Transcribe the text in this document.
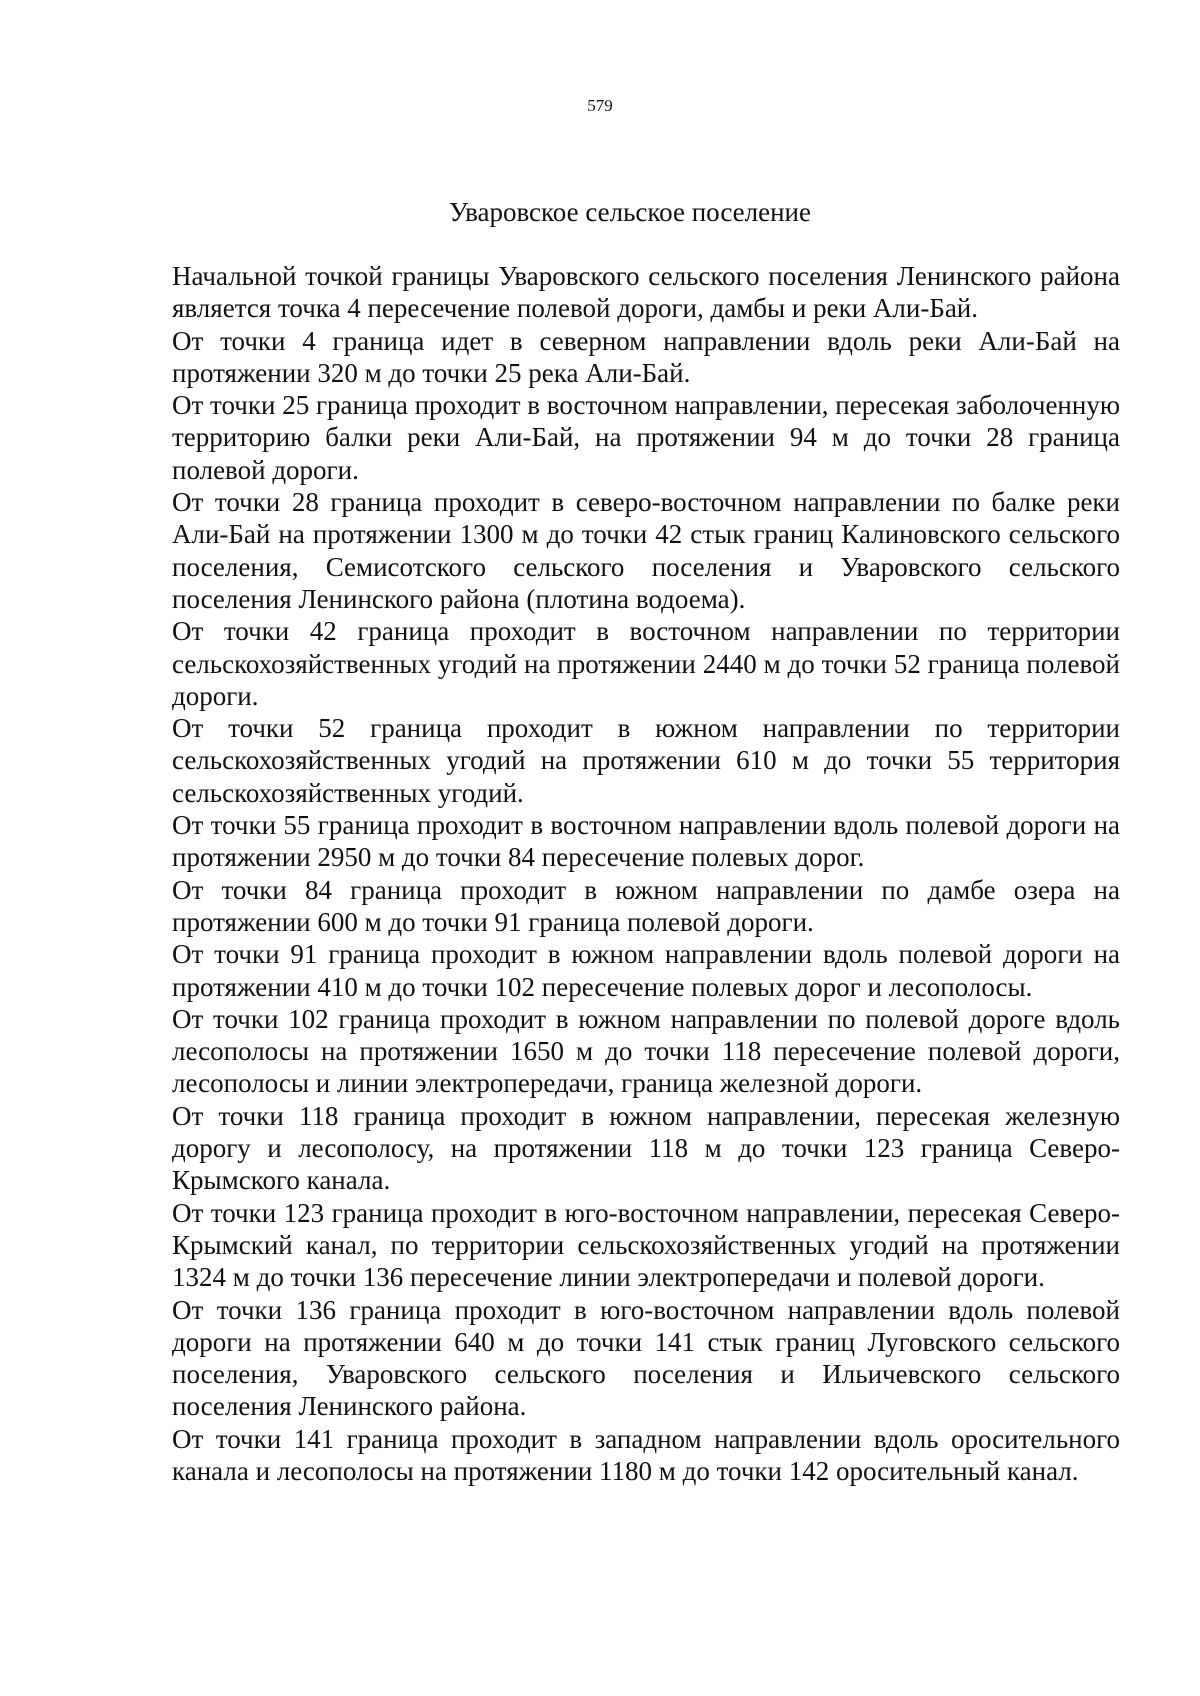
579
Уваровское сельское поселение

Начальной точкой границы Уваровского сельского поселения Ленинского района является точка 4 пересечение полевой дороги, дамбы и реки Али-Бай.

От точки 4 граница идет в северном направлении вдоль реки Али-Бай на протяжении 320 м до точки 25 река Али-Бай.

От точки 25 граница проходит в восточном направлении, пересекая заболоченную территорию балки реки Али-Бай, на протяжении 94 м до точки 28 граница полевой дороги.

От точки 28 граница проходит в северо-восточном направлении по балке реки Али-Бай на протяжении 1300 м до точки 42 стык границ Калиновского сельского поселения, Семисотского сельского поселения и Уваровского сельского поселения Ленинского района (плотина водоема).

От точки 42 граница проходит в восточном направлении по территории сельскохозяйственных угодий на протяжении 2440 м до точки 52 граница полевой дороги.

От точки 52 граница проходит в южном направлении по территории сельскохозяйственных угодий на протяжении 610 м до точки 55 территория сельскохозяйственных угодий.

От точки 55 граница проходит в восточном направлении вдоль полевой дороги на протяжении 2950 м до точки 84 пересечение полевых дорог.

От точки 84 граница проходит в южном направлении по дамбе озера на протяжении 600 м до точки 91 граница полевой дороги.

От точки 91 граница проходит в южном направлении вдоль полевой дороги на протяжении 410 м до точки 102 пересечение полевых дорог и лесополосы.

От точки 102 граница проходит в южном направлении по полевой дороге вдоль лесополосы на протяжении 1650 м до точки 118 пересечение полевой дороги, лесополосы и линии электропередачи, граница железной дороги.

От точки 118 граница проходит в южном направлении, пересекая железную дорогу и лесополосу, на протяжении 118 м до точки 123 граница Северо-Крымского канала.

От точки 123 граница проходит в юго-восточном направлении, пересекая Северо-Крымский канал, по территории сельскохозяйственных угодий на протяжении 1324 м до точки 136 пересечение линии электропередачи и полевой дороги.

От точки 136 граница проходит в юго-восточном направлении вдоль полевой дороги на протяжении 640 м до точки 141 стык границ Луговского сельского поселения, Уваровского сельского поселения и Ильичевского сельского поселения Ленинского района.

От точки 141 граница проходит в западном направлении вдоль оросительного канала и лесополосы на протяжении 1180 м до точки 142 оросительный канал.
